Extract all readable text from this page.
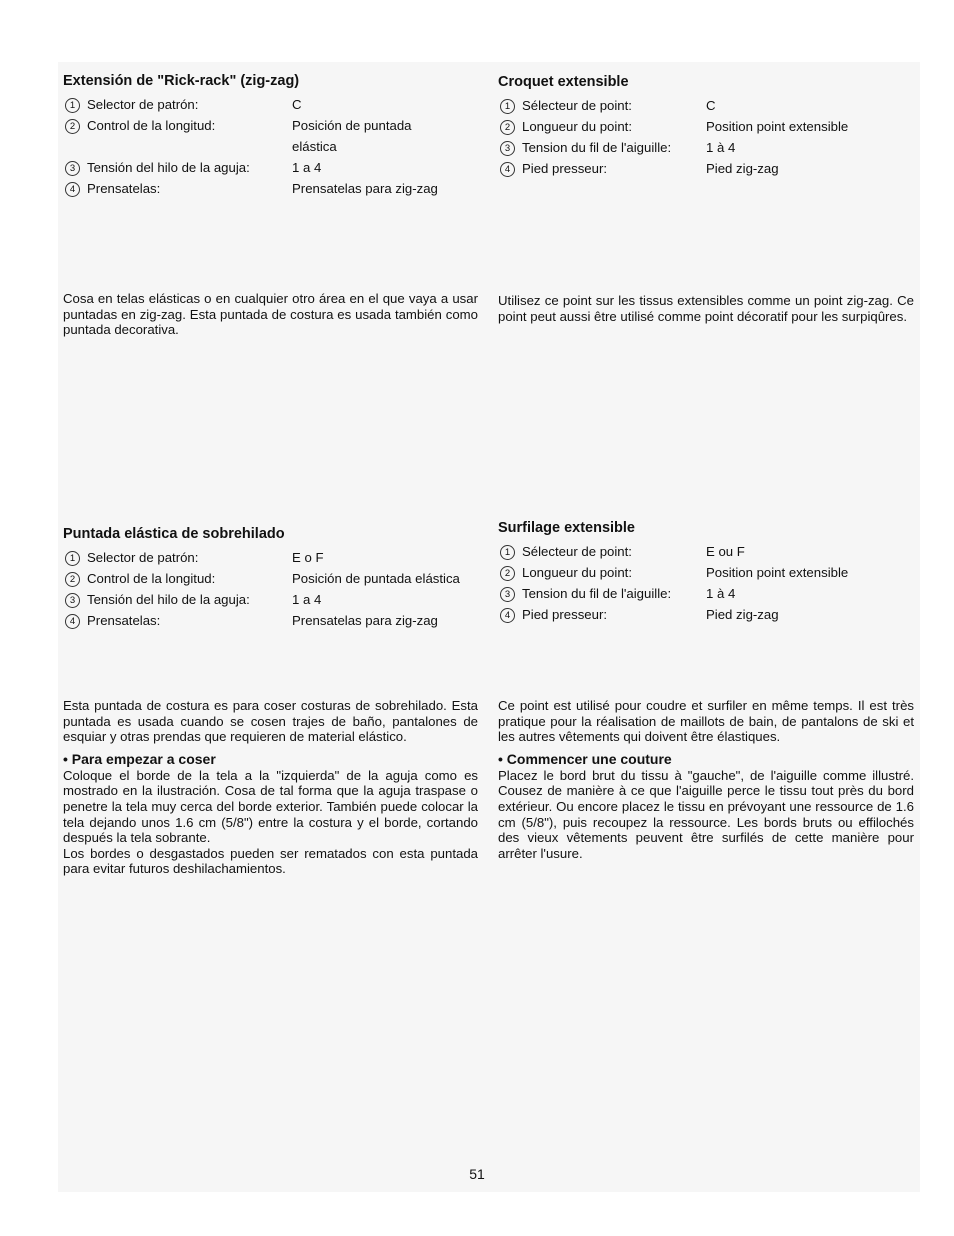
Extensión de "Rick-rack" (zig-zag)
1 Selector de patrón:	C
2 Control de la longitud:	Posición de puntada elástica
3 Tensión del hilo de la aguja:	1 a 4
4 Prensatelas:	Prensatelas para zig-zag

Cosa en telas elásticas o en cualquier otro área en el que vaya a usar puntadas en zig-zag. Esta puntada de costura es usada también como puntada decorativa.

Croquet extensible
1 Sélecteur de point:	C
2 Longueur du point:	Position point extensible
3 Tension du fil de l'aiguille:	1 à 4
4 Pied presseur:	Pied zig-zag

Utilisez ce point sur les tissus extensibles comme un point zig-zag. Ce point peut aussi être utilisé comme point décoratif pour les surpiqûres.

Puntada elástica de sobrehilado
1 Selector de patrón:	E o F
2 Control de la longitud:	Posición de puntada elástica
3 Tensión del hilo de la aguja:	1 a 4
4 Prensatelas:	Prensatelas para zig-zag

Esta puntada de costura es para coser costuras de sobrehilado. Esta puntada es usada cuando se cosen trajes de baño, pantalones de esquiar y otras prendas que requieren de material elástico.

• Para empezar a coser

Coloque el borde de la tela a la "izquierda" de la aguja como es mostrado en la ilustración. Cosa de tal forma que la aguja traspase o penetre la tela muy cerca del borde exterior. También puede colocar la tela dejando unos 1.6 cm (5/8") entre la costura y el borde, cortando después la tela sobrante.

Los bordes o desgastados pueden ser rematados con esta puntada para evitar futuros deshilachamientos.

Surfilage extensible
1 Sélecteur de point:	E ou F
2 Longueur du point:	Position point extensible
3 Tension du fil de l'aiguille:	1 à 4
4 Pied presseur:	Pied zig-zag

Ce point est utilisé pour coudre et surfiler en même temps. Il est très pratique pour la réalisation de maillots de bain, de pantalons de ski et les autres vêtements qui doivent être élastiques.

• Commencer une couture

Placez le bord brut du tissu à "gauche", de l'aiguille comme illustré. Cousez de manière à ce que l'aiguille perce le tissu tout près du bord extérieur. Ou encore placez le tissu en prévoyant une ressource de 1.6 cm (5/8"), puis recoupez la ressource. Les bords bruts ou effilochés des vieux vêtements peuvent être surfilés de cette manière pour arrêter l'usure.

51
